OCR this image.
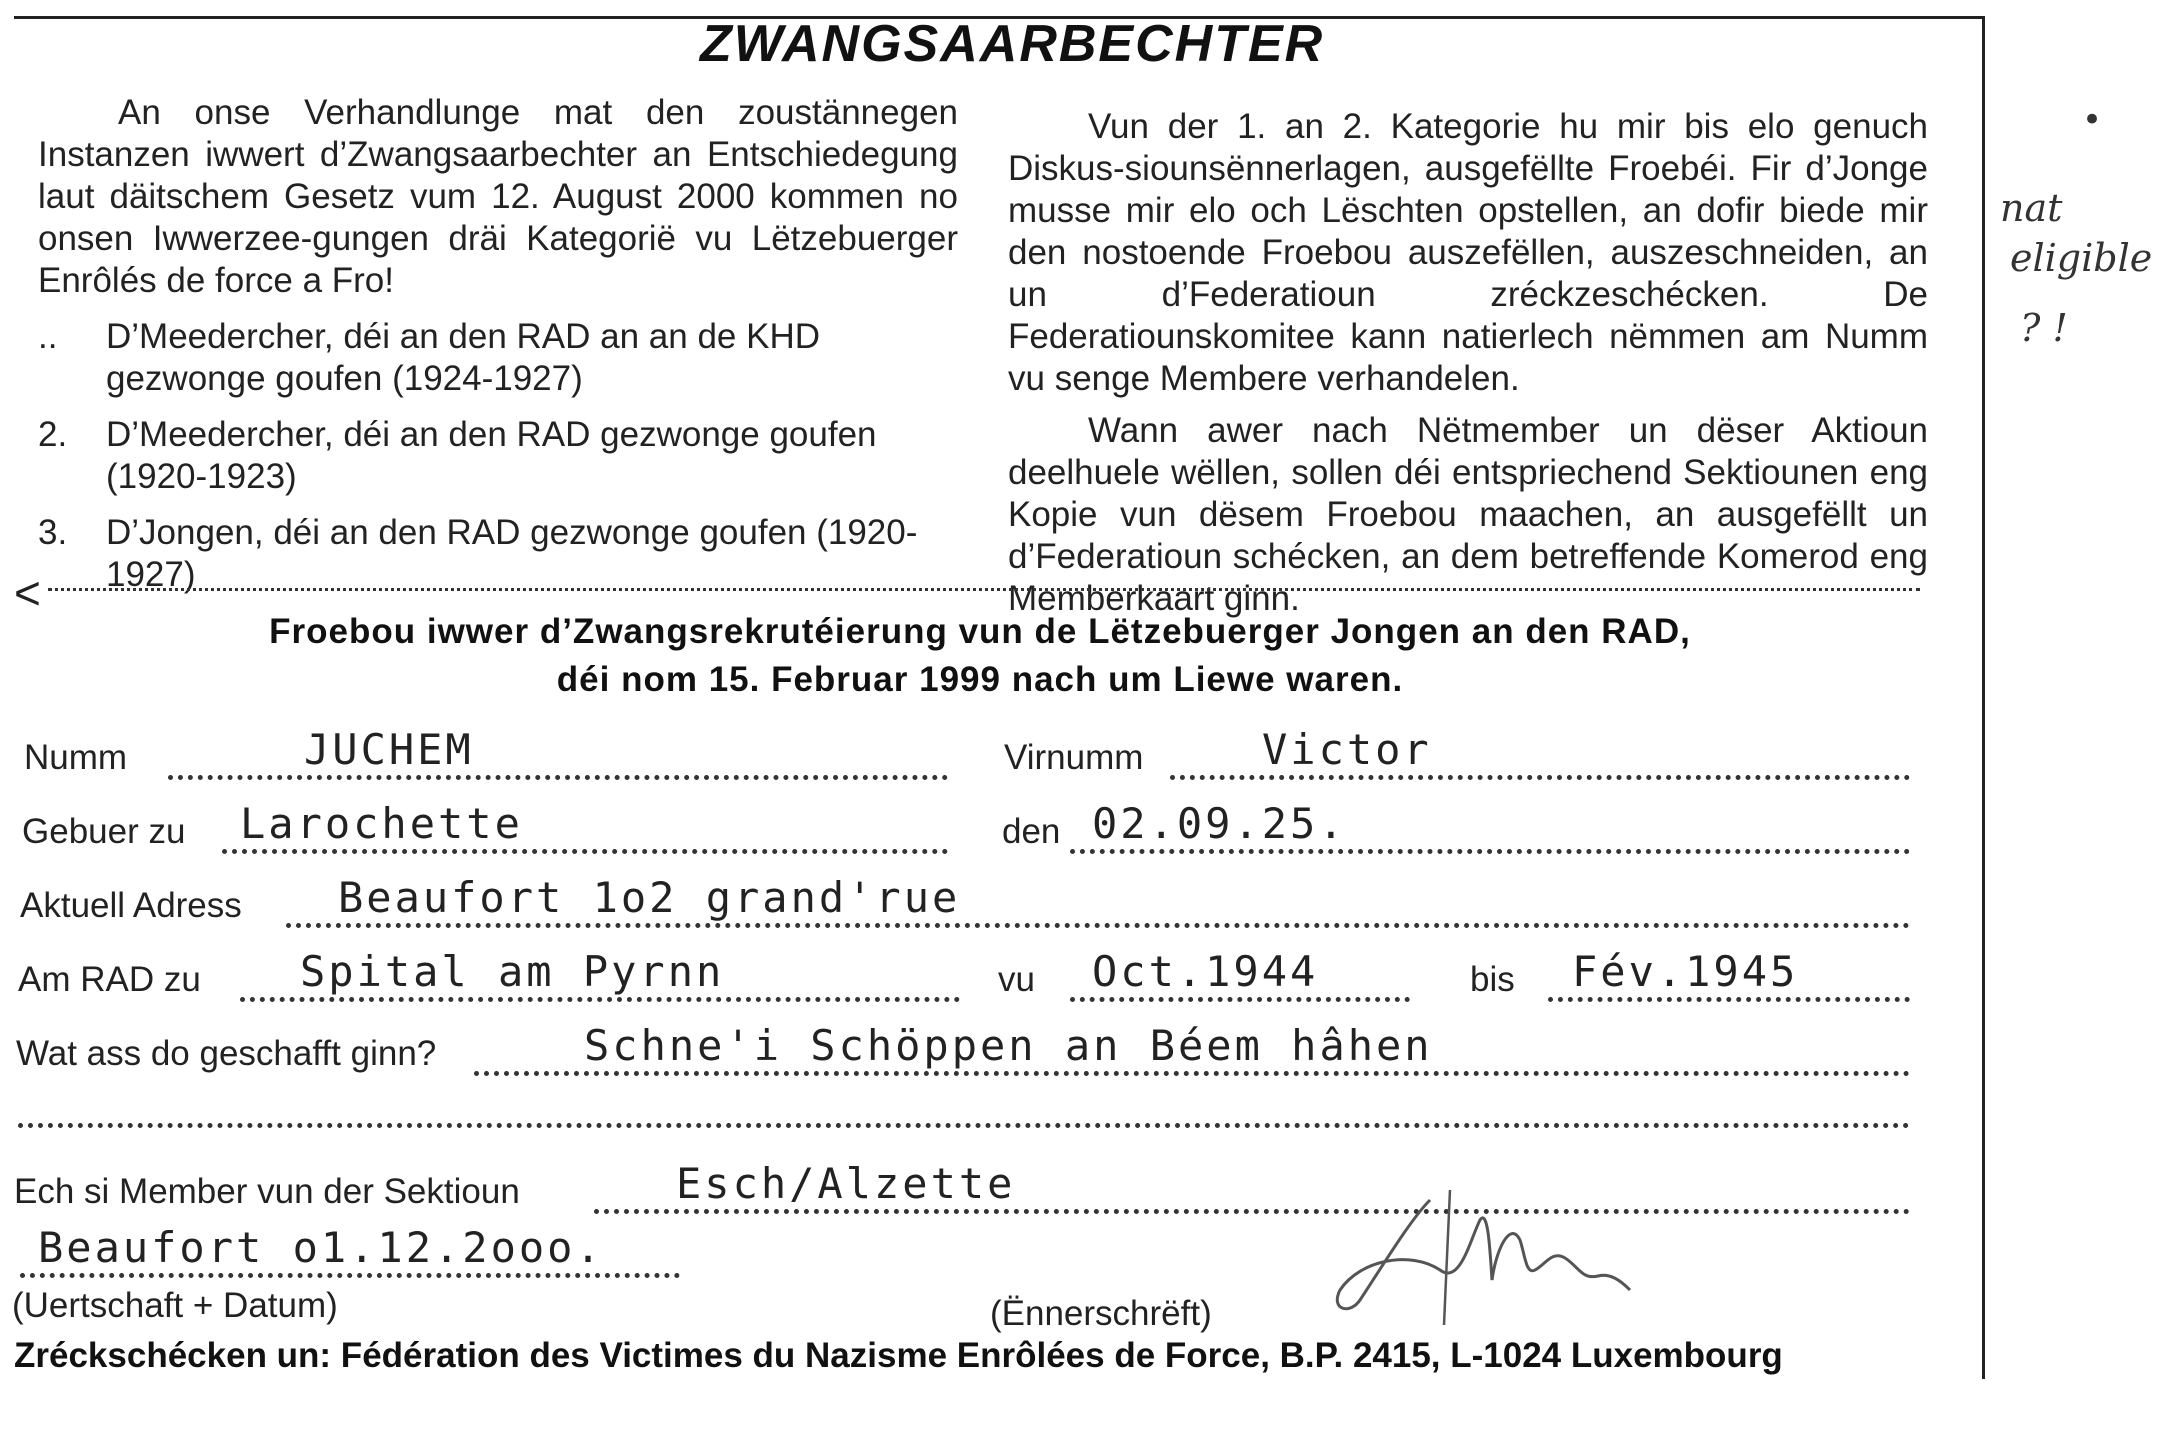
ZWANGSAARBECHTER

An onse Verhandlunge mat den zoustännegen Instanzen iwwert d’Zwangsaarbechter an Entschiedegung laut däitschem Gesetz vum 12. August 2000 kommen no onsen Iwwerzee-gungen dräi Kategorië vu Lëtzebuerger Enrôlés de force a Fro!

.. D’Meedercher, déi an den RAD an an de KHD gezwonge goufen (1924-1927)
2. D’Meedercher, déi an den RAD gezwonge goufen (1920-1923)
3. D’Jongen, déi an den RAD gezwonge goufen (1920-1927)

Vun der 1. an 2. Kategorie hu mir bis elo genuch Diskus-siounsënnerlagen, ausgefëllte Froebéi. Fir d’Jonge musse mir elo och Lëschten opstellen, an dofir biede mir den nostoende Froebou auszefëllen, auszeschneiden, an un d’Federatioun zréckzeschécken. De Federatiounskomitee kann natierlech nëmmen am Numm vu senge Membere verhandelen.

Wann awer nach Nëtmember un dëser Aktioun deelhuele wëllen, sollen déi entspriechend Sektiounen eng Kopie vun dësem Froebou maachen, an ausgefëllt un d’Federatioun schécken, an dem betreffende Komerod eng Memberkaart ginn.

•
nat
eligible
? !
<
Froebou iwwer d’Zwangsrekrutéierung vun de Lëtzebuerger Jongen an den RAD,
déi nom 15. Februar 1999 nach um Liewe waren.
Numm	JUCHEM	Virnumm	Victor
Gebuer zu Larochette	den 02.09.25.
Aktuell Adress Beaufort 1o2 grand'rue
Am RAD zu Spital am Pyrnn	vu Oct.1944	bis Fév.1945
Wat ass do geschafft ginn?	Schne'i Schöppen an Béem hâhen
Ech si Member vun der Sektioun	Esch/Alzette
Beaufort o1.12.2ooo.
(Uertschaft + Datum)	(Ënnerschrëft)
Zréckschécken un: Fédération des Victimes du Nazisme Enrôlées de Force, B.P. 2415, L-1024 Luxembourg
